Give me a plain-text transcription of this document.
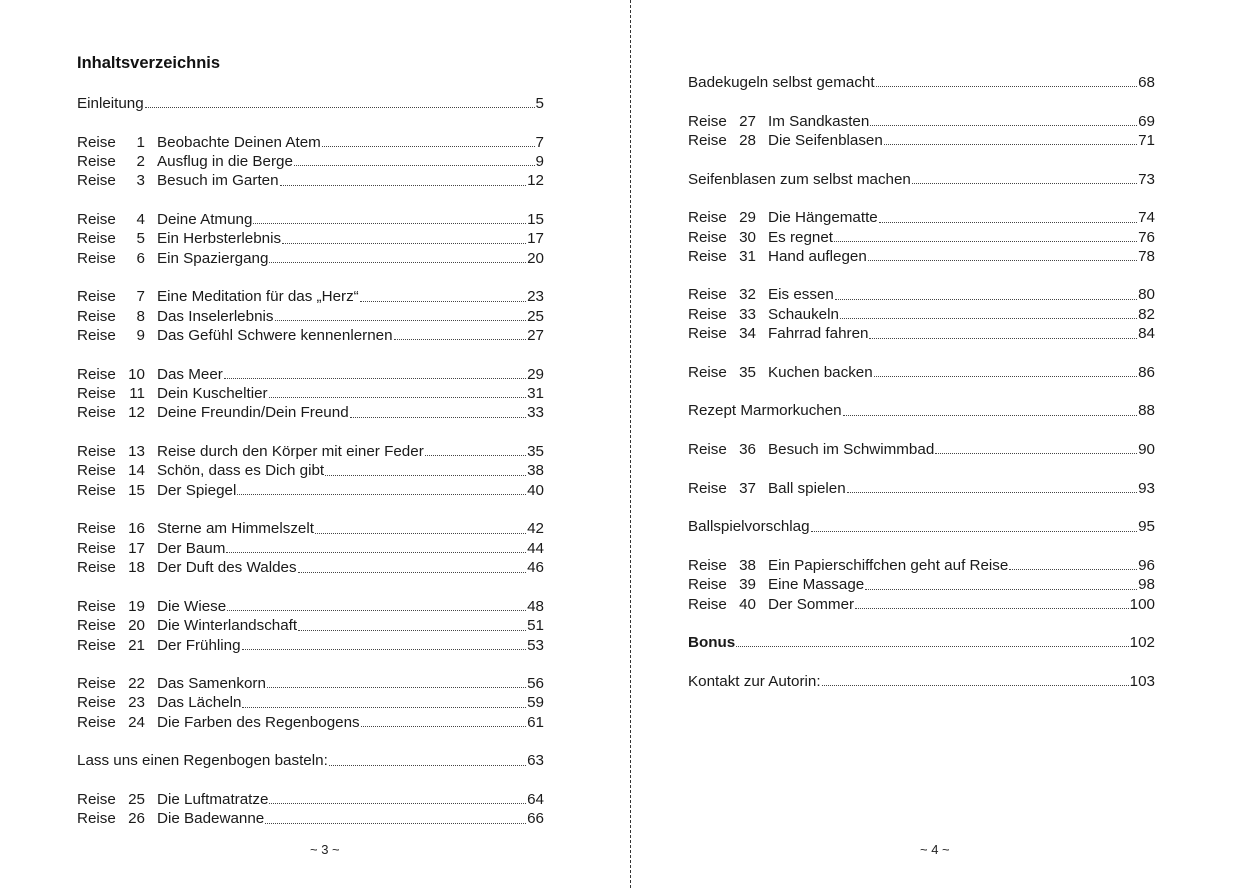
Inhaltsverzeichnis
Einleitung	5
Reise 1 Beobachte Deinen Atem	7
Reise 2 Ausflug in die Berge	9
Reise 3 Besuch im Garten	12
Reise 4 Deine Atmung	15
Reise 5 Ein Herbsterlebnis	17
Reise 6 Ein Spaziergang	20
Reise 7 Eine Meditation für das „Herz“	23
Reise 8 Das Inselerlebnis	25
Reise 9 Das Gefühl Schwere kennenlernen	27
Reise 10 Das Meer	29
Reise 11 Dein Kuscheltier	31
Reise 12 Deine Freundin/Dein Freund	33
Reise 13 Reise durch den Körper mit einer Feder	35
Reise 14 Schön, dass es Dich gibt	38
Reise 15 Der Spiegel	40
Reise 16 Sterne am Himmelszelt	42
Reise 17 Der Baum	44
Reise 18 Der Duft des Waldes	46
Reise 19 Die Wiese	48
Reise 20 Die Winterlandschaft	51
Reise 21 Der Frühling	53
Reise 22 Das Samenkorn	56
Reise 23 Das Lächeln	59
Reise 24 Die Farben des Regenbogens	61
Lass uns einen Regenbogen basteln:	63
Reise 25 Die Luftmatratze	64
Reise 26 Die Badewanne	66
~ 3 ~
Badekugeln selbst gemacht	68
Reise 27 Im Sandkasten	69
Reise 28 Die Seifenblasen	71
Seifenblasen zum selbst machen	73
Reise 29 Die Hängematte	74
Reise 30 Es regnet	76
Reise 31 Hand auflegen	78
Reise 32 Eis essen	80
Reise 33 Schaukeln	82
Reise 34 Fahrrad fahren	84
Reise 35 Kuchen backen	86
Rezept Marmorkuchen	88
Reise 36 Besuch im Schwimmbad	90
Reise 37 Ball spielen	93
Ballspielvorschlag	95
Reise 38 Ein Papierschiffchen geht auf Reise	96
Reise 39 Eine Massage	98
Reise 40 Der Sommer	100
Bonus	102
Kontakt zur Autorin:	103
~ 4 ~
